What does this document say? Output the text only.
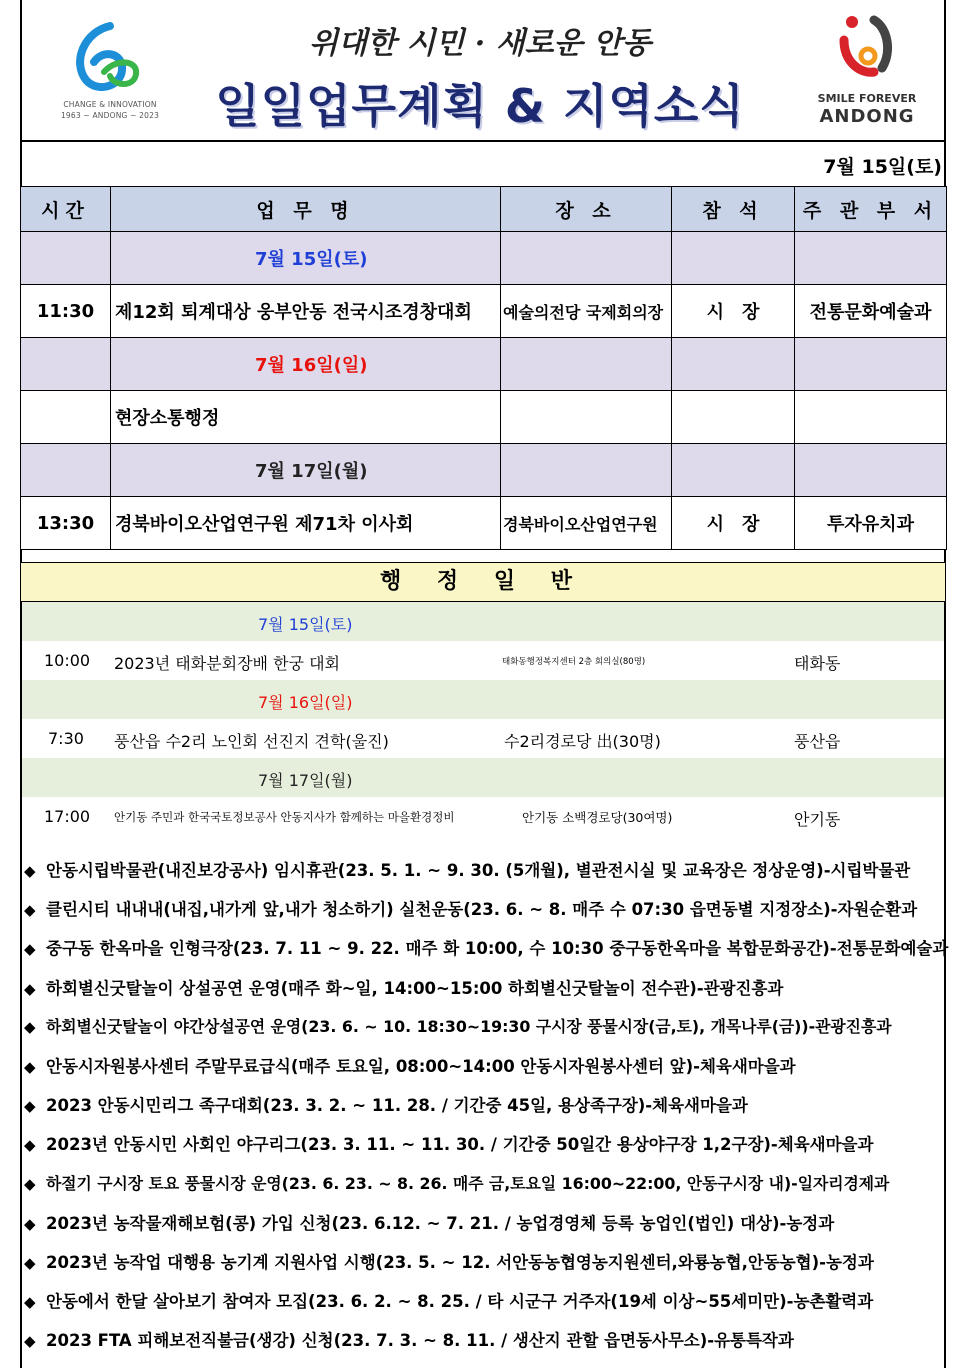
CHANGE & INNOVATION
1963 ~ ANDONG ~ 2023
위대한 시민 · 새로운 안동
일일업무계획 & 지역소식	SMILE FOREVER
ANDONG
7월 15일(토)
시간	업 무 명	장 소	참 석	주 관 부 서
	7월 15일(토)			
11:30	제12회 퇴계대상 웅부안동 전국시조경창대회	예술의전당 국제회의장	시　장	전통문화예술과
	7월 16일(일)			
	현장소통행정			
	7월 17일(월)			
13:30	경북바이오산업연구원 제71차 이사회	경북바이오산업연구원	시　장	투자유치과
행 정 일 반
7월 15일(토)
10:00 2023년 태화분회장배 한궁 대회	태화동행정복지센터 2층 회의실(80명)	태화동
7월 16일(일)
7:30 풍산읍 수2리 노인회 선진지 견학(울진)	수2리경로당 出(30명)	풍산읍
7월 17일(월)
17:00 안기동 주민과 한국국토정보공사 안동지사가 함께하는 마을환경정비	안기동 소백경로당(30여명)	안기동
◆ 안동시립박물관(내진보강공사) 임시휴관(23. 5. 1. ~ 9. 30. (5개월), 별관전시실 및 교육장은 정상운영)-시립박물관
◆ 클린시티 내내내(내집,내가게 앞,내가 청소하기) 실천운동(23. 6. ~ 8. 매주 수 07:30 읍면동별 지정장소)-자원순환과
◆ 중구동 한옥마을 인형극장(23. 7. 11 ~ 9. 22. 매주 화 10:00, 수 10:30 중구동한옥마을 복합문화공간)-전통문화예술과
◆ 하회별신굿탈놀이 상설공연 운영(매주 화~일, 14:00~15:00 하회별신굿탈놀이 전수관)-관광진흥과
◆ 하회별신굿탈놀이 야간상설공연 운영(23. 6. ~ 10. 18:30~19:30 구시장 풍물시장(금,토), 개목나루(금))-관광진흥과
◆ 안동시자원봉사센터 주말무료급식(매주 토요일, 08:00~14:00 안동시자원봉사센터 앞)-체육새마을과
◆ 2023 안동시민리그 족구대회(23. 3. 2. ~ 11. 28. / 기간중 45일, 용상족구장)-체육새마을과
◆ 2023년 안동시민 사회인 야구리그(23. 3. 11. ~ 11. 30. / 기간중 50일간 용상야구장 1,2구장)-체육새마을과
◆ 하절기 구시장 토요 풍물시장 운영(23. 6. 23. ~ 8. 26. 매주 금,토요일 16:00~22:00, 안동구시장 내)-일자리경제과
◆ 2023년 농작물재해보험(콩) 가입 신청(23. 6.12. ~ 7. 21. / 농업경영체 등록 농업인(법인) 대상)-농정과
◆ 2023년 농작업 대행용 농기계 지원사업 시행(23. 5. ~ 12. 서안동농협영농지원센터,와룡농협,안동농협)-농정과
◆ 안동에서 한달 살아보기 참여자 모집(23. 6. 2. ~ 8. 25. / 타 시군구 거주자(19세 이상~55세미만)-농촌활력과
◆ 2023 FTA 피해보전직불금(생강) 신청(23. 7. 3. ~ 8. 11. / 생산지 관할 읍면동사무소)-유통특작과
